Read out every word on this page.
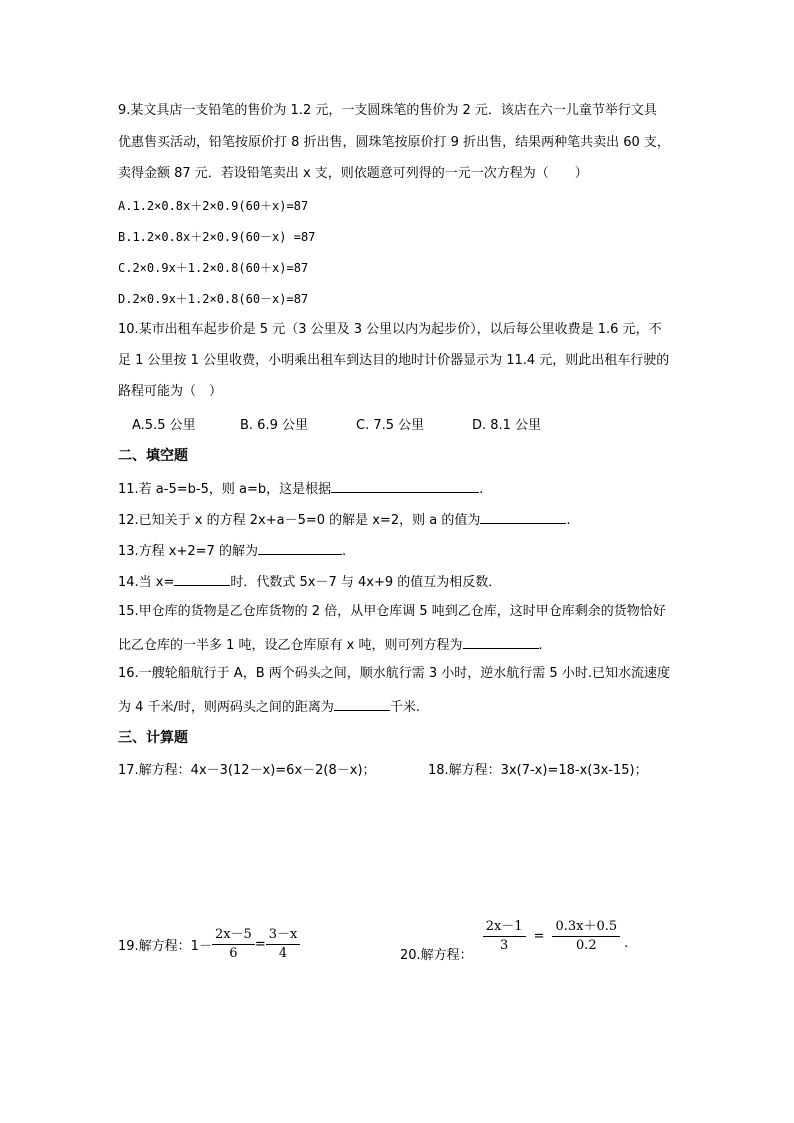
9.某文具店一支铅笔的售价为 1.2 元，一支圆珠笔的售价为 2 元．该店在六一儿童节举行文具
优惠售买活动，铅笔按原价打 8 折出售，圆珠笔按原价打 9 折出售，结果两种笔共卖出 60 支，
卖得金额 87 元．若设铅笔卖出 x 支，则依题意可列得的一元一次方程为（　　）
A.1.2×0.8x＋2×0.9(60＋x)=87
B.1.2×0.8x＋2×0.9(60－x) =87
C.2×0.9x＋1.2×0.8(60＋x)=87
D.2×0.9x＋1.2×0.8(60－x)=87
10.某市出租车起步价是 5 元（3 公里及 3 公里以内为起步价），以后每公里收费是 1.6 元，不
足 1 公里按 1 公里收费，小明乘出租车到达目的地时计价器显示为 11.4 元，则此出租车行驶的
路程可能为（　）
A.5.5 公里	B. 6.9 公里	C. 7.5 公里	D. 8.1 公里
二、填空题
11.若 a-5=b-5，则 a=b，这是根据	.
12.已知关于 x 的方程 2x+a－5=0 的解是 x=2，则 a 的值为	.
13.方程 x+2=7 的解为	.
14.当 x=	时．代数式 5x－7 与 4x+9 的值互为相反数．
15.甲仓库的货物是乙仓库货物的 2 倍，从甲仓库调 5 吨到乙仓库，这时甲仓库剩余的货物恰好
比乙仓库的一半多 1 吨，设乙仓库原有 x 吨，则可列方程为	.
16.一艘轮船航行于 A，B 两个码头之间，顺水航行需 3 小时，逆水航行需 5 小时.已知水流速度
为 4 千米/时，则两码头之间的距离为	千米.
三、计算题
17.解方程：4x－3(12－x)=6x－2(8－x)；	18.解方程：3x(7-x)=18-x(3x-15)；
19.解方程：$1- \frac{2x-5}{6} = \frac{3-x}{4}$	20.解方程：
$\frac{2x-1}{3} = \frac{0.3x+0.5}{0.2}$ .
